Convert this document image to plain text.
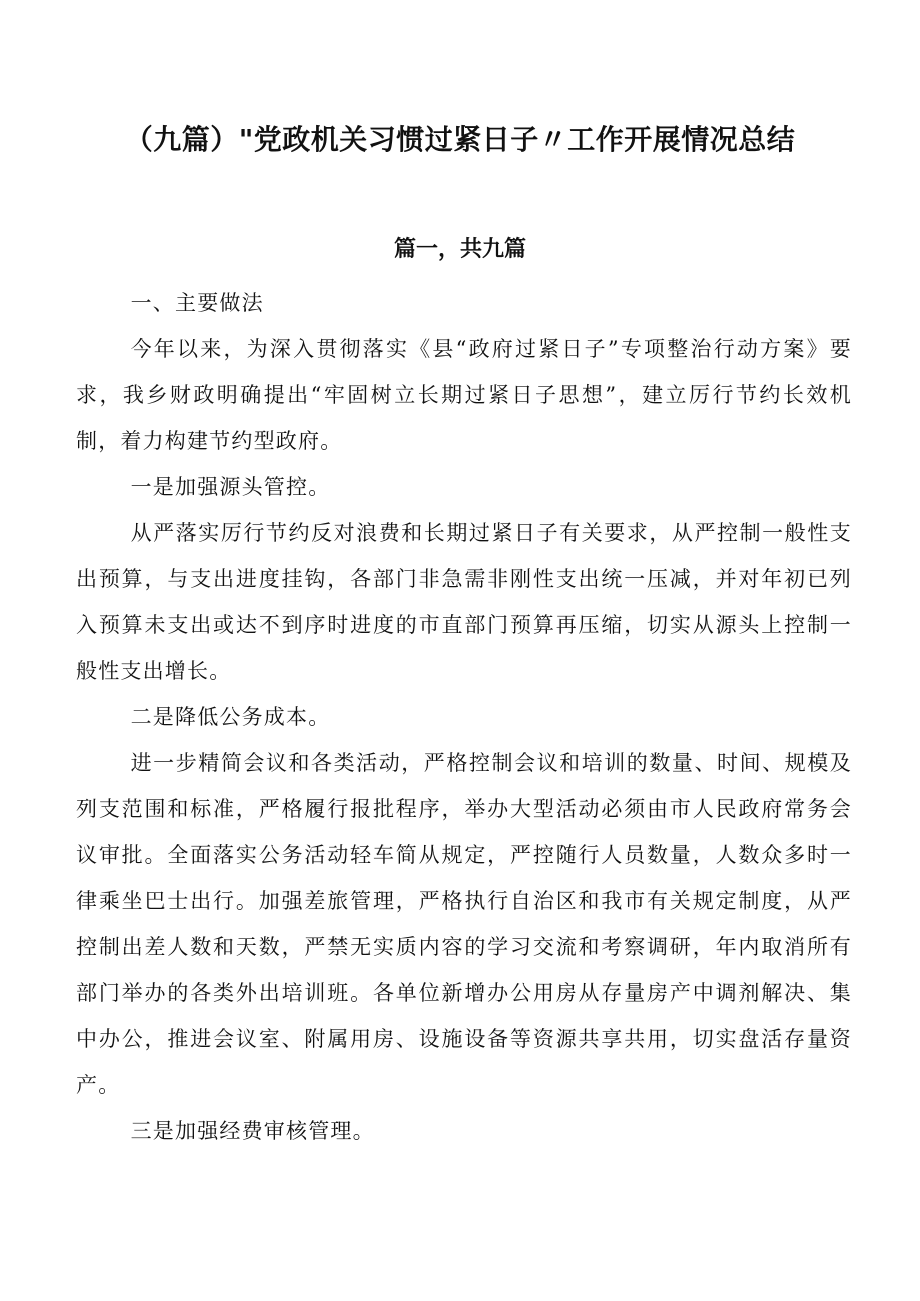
（九篇）"党政机关习惯过紧日子〃工作开展情况总结
篇一，共九篇

一、主要做法

今年以来，为深入贯彻落实《县“政府过紧日子”专项整治行动方案》要求，我乡财政明确提出“牢固树立长期过紧日子思想”，建立厉行节约长效机制，着力构建节约型政府。

一是加强源头管控。

从严落实厉行节约反对浪费和长期过紧日子有关要求，从严控制一般性支出预算，与支出进度挂钩，各部门非急需非刚性支出统一压减，并对年初已列入预算未支出或达不到序时进度的市直部门预算再压缩，切实从源头上控制一般性支出增长。

二是降低公务成本。

进一步精简会议和各类活动，严格控制会议和培训的数量、时间、规模及列支范围和标准，严格履行报批程序，举办大型活动必须由市人民政府常务会议审批。全面落实公务活动轻车简从规定，严控随行人员数量，人数众多时一律乘坐巴士出行。加强差旅管理，严格执行自治区和我市有关规定制度，从严控制出差人数和天数，严禁无实质内容的学习交流和考察调研，年内取消所有部门举办的各类外出培训班。各单位新增办公用房从存量房产中调剂解决、集中办公，推进会议室、附属用房、设施设备等资源共享共用，切实盘活存量资产。

三是加强经费审核管理。
